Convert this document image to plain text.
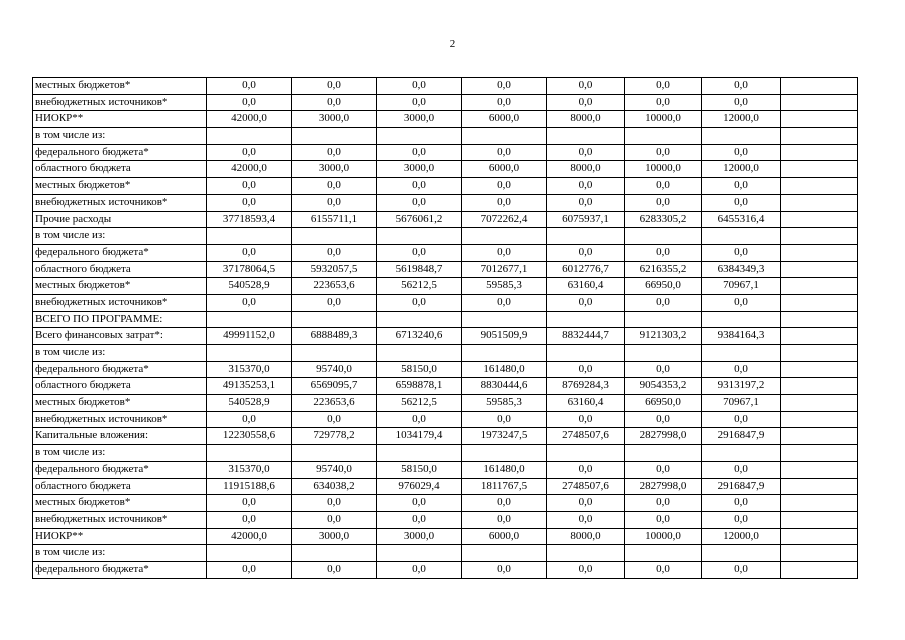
2
местных бюджетов*	0,0	0,0	0,0	0,0	0,0	0,0	0,0	
внебюджетных источников*	0,0	0,0	0,0	0,0	0,0	0,0	0,0	
НИОКР**	42000,0	3000,0	3000,0	6000,0	8000,0	10000,0	12000,0	
в том числе из:								
федерального бюджета*	0,0	0,0	0,0	0,0	0,0	0,0	0,0	
областного бюджета	42000,0	3000,0	3000,0	6000,0	8000,0	10000,0	12000,0	
местных бюджетов*	0,0	0,0	0,0	0,0	0,0	0,0	0,0	
внебюджетных источников*	0,0	0,0	0,0	0,0	0,0	0,0	0,0	
Прочие расходы	37718593,4	6155711,1	5676061,2	7072262,4	6075937,1	6283305,2	6455316,4	
в том числе из:								
федерального бюджета*	0,0	0,0	0,0	0,0	0,0	0,0	0,0	
областного бюджета	37178064,5	5932057,5	5619848,7	7012677,1	6012776,7	6216355,2	6384349,3	
местных бюджетов*	540528,9	223653,6	56212,5	59585,3	63160,4	66950,0	70967,1	
внебюджетных источников*	0,0	0,0	0,0	0,0	0,0	0,0	0,0	
ВСЕГО ПО ПРОГРАММЕ:								
Всего финансовых затрат*:	49991152,0	6888489,3	6713240,6	9051509,9	8832444,7	9121303,2	9384164,3	
в том числе из:								
федерального бюджета*	315370,0	95740,0	58150,0	161480,0	0,0	0,0	0,0	
областного бюджета	49135253,1	6569095,7	6598878,1	8830444,6	8769284,3	9054353,2	9313197,2	
местных бюджетов*	540528,9	223653,6	56212,5	59585,3	63160,4	66950,0	70967,1	
внебюджетных источников*	0,0	0,0	0,0	0,0	0,0	0,0	0,0	
Капитальные вложения:	12230558,6	729778,2	1034179,4	1973247,5	2748507,6	2827998,0	2916847,9	
в том числе из:								
федерального бюджета*	315370,0	95740,0	58150,0	161480,0	0,0	0,0	0,0	
областного бюджета	11915188,6	634038,2	976029,4	1811767,5	2748507,6	2827998,0	2916847,9	
местных бюджетов*	0,0	0,0	0,0	0,0	0,0	0,0	0,0	
внебюджетных источников*	0,0	0,0	0,0	0,0	0,0	0,0	0,0	
НИОКР**	42000,0	3000,0	3000,0	6000,0	8000,0	10000,0	12000,0	
в том числе из:								
федерального бюджета*	0,0	0,0	0,0	0,0	0,0	0,0	0,0	
